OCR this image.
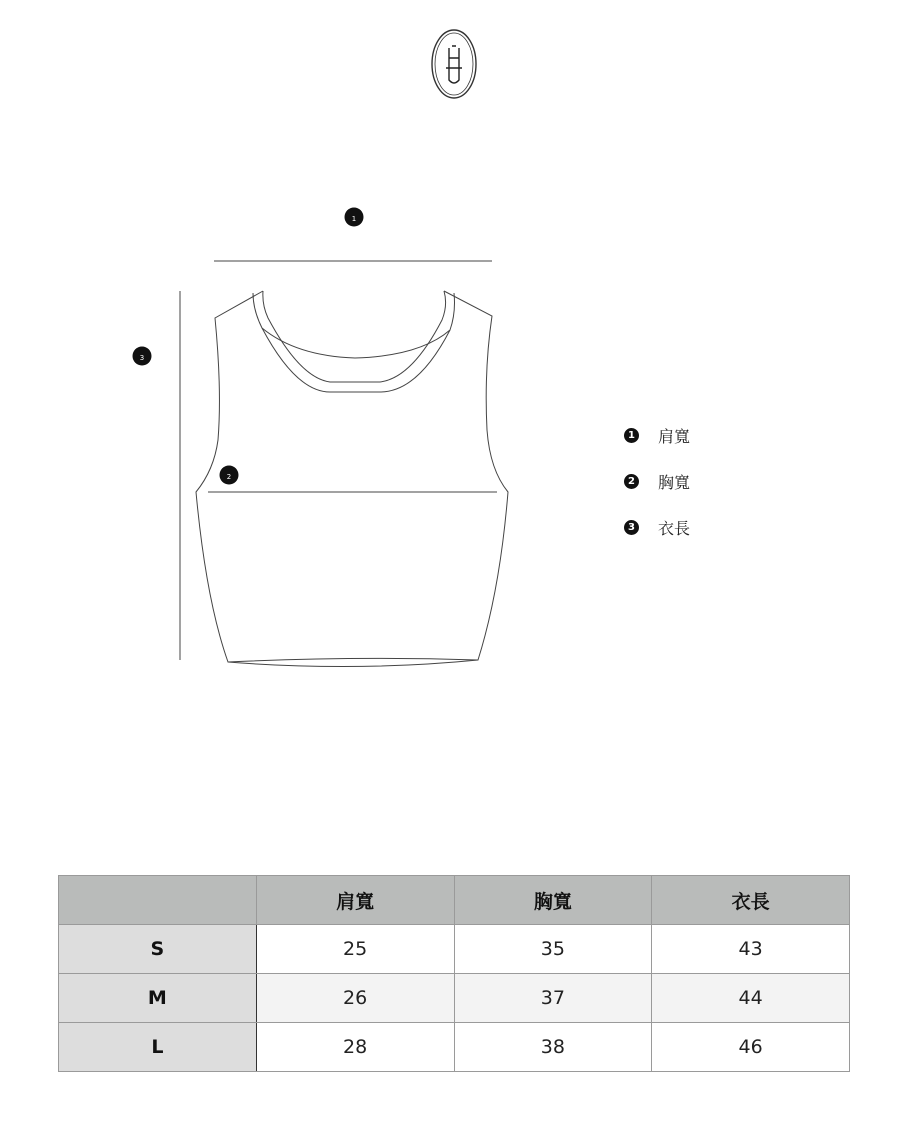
1
2
3
1 肩寬
2 胸寬
3 衣長
	肩寬	胸寬	衣長
S	25	35	43
M	26	37	44
L	28	38	46
